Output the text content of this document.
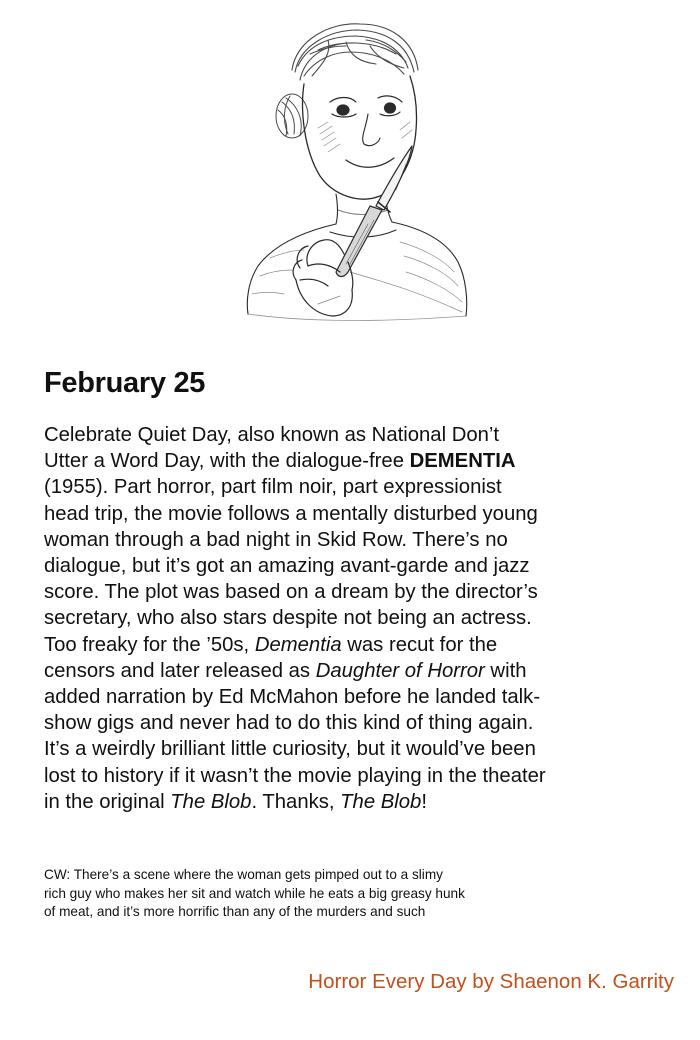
February 25

Celebrate Quiet Day, also known as National Don’t
Utter a Word Day, with the dialogue-free DEMENTIA
(1955). Part horror, part film noir, part expressionist
head trip, the movie follows a mentally disturbed young
woman through a bad night in Skid Row. There’s no
dialogue, but it’s got an amazing avant-garde and jazz
score. The plot was based on a dream by the director’s
secretary, who also stars despite not being an actress.
Too freaky for the ’50s, Dementia was recut for the
censors and later released as Daughter of Horror with
added narration by Ed McMahon before he landed talk-
show gigs and never had to do this kind of thing again.
It’s a weirdly brilliant little curiosity, but it would’ve been
lost to history if it wasn’t the movie playing in the theater
in the original The Blob. Thanks, The Blob!

CW: There’s a scene where the woman gets pimped out to a slimy
rich guy who makes her sit and watch while he eats a big greasy hunk
of meat, and it’s more horrific than any of the murders and such

Horror Every Day by Shaenon K. Garrity
